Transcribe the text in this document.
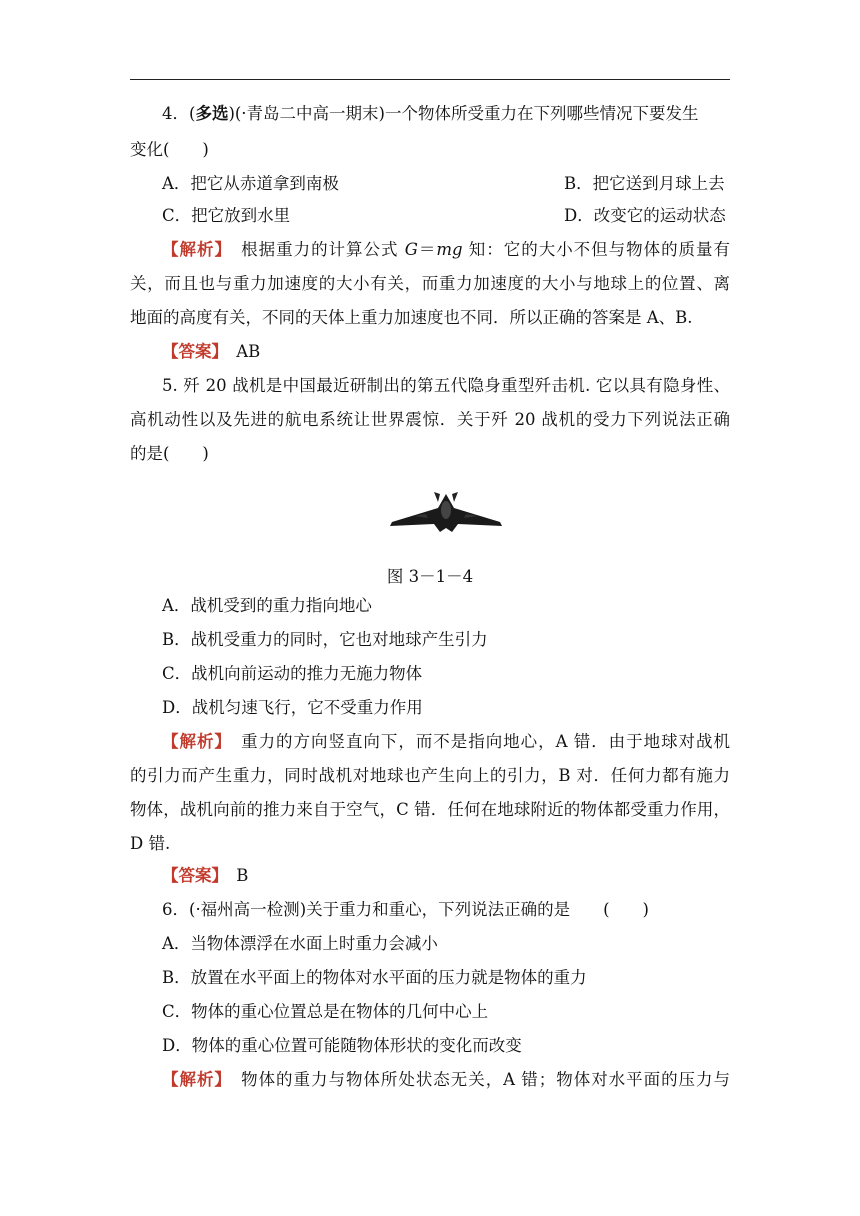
4．(多选)(·青岛二中高一期末)一个物体所受重力在下列哪些情况下要发生
变化(　　)
A．把它从赤道拿到南极	B．把它送到月球上去
C．把它放到水里	D．改变它的运动状态
【解析】　根据重力的计算公式 G＝mg 知：它的大小不但与物体的质量有
关，而且也与重力加速度的大小有关，而重力加速度的大小与地球上的位置、离
地面的高度有关，不同的天体上重力加速度也不同．所以正确的答案是 A、B.
【答案】　AB
5. 歼 20 战机是中国最近研制出的第五代隐身重型歼击机. 它以具有隐身性、
高机动性以及先进的航电系统让世界震惊．关于歼 20 战机的受力下列说法正确
的是(　　)
图 3－1－4
A．战机受到的重力指向地心
B．战机受重力的同时，它也对地球产生引力
C．战机向前运动的推力无施力物体
D．战机匀速飞行，它不受重力作用
【解析】　重力的方向竖直向下，而不是指向地心，A 错．由于地球对战机
的引力而产生重力，同时战机对地球也产生向上的引力，B 对．任何力都有施力
物体，战机向前的推力来自于空气，C 错．任何在地球附近的物体都受重力作用，
D 错.
【答案】　B
6．(·福州高一检测)关于重力和重心，下列说法正确的是　　(　　)
A．当物体漂浮在水面上时重力会减小
B．放置在水平面上的物体对水平面的压力就是物体的重力
C．物体的重心位置总是在物体的几何中心上
D．物体的重心位置可能随物体形状的变化而改变
【解析】　物体的重力与物体所处状态无关，A 错；物体对水平面的压力与
